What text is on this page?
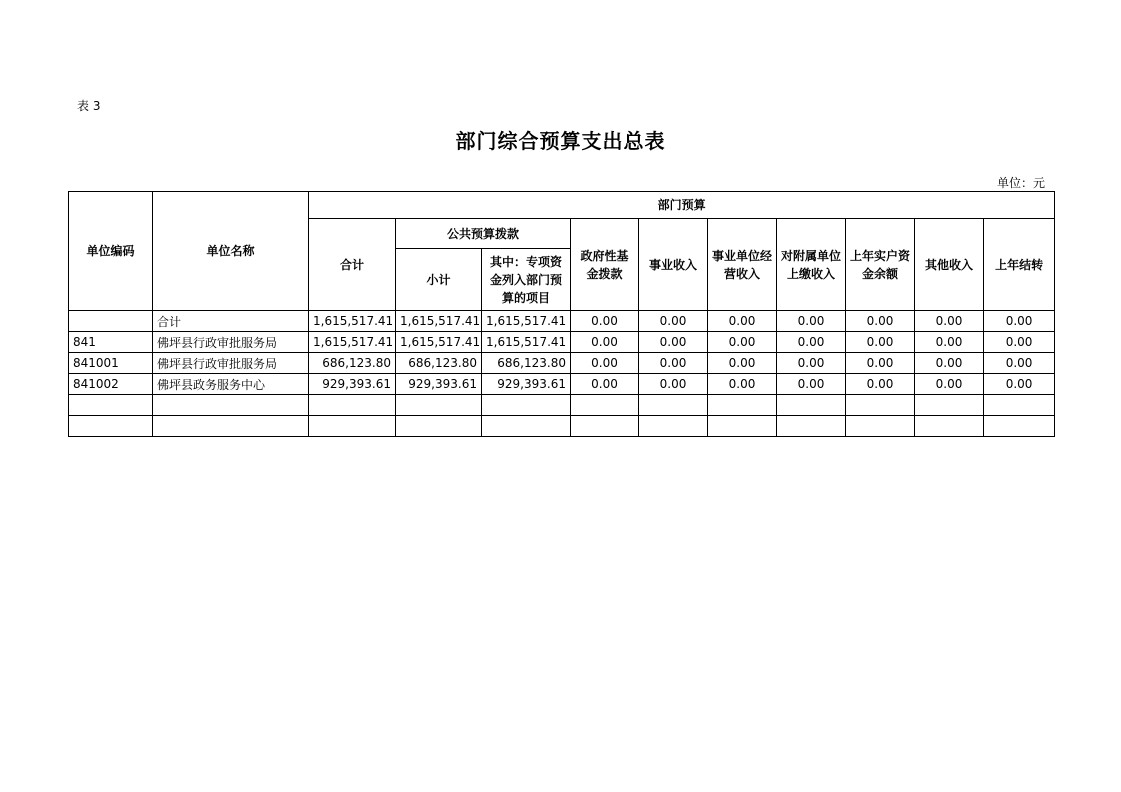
表 3
部门综合预算支出总表
单位：元
单位编码	单位名称	部门预算									
		合计	公共预算拨款		政府性基金拨款	事业收入	事业单位经营收入	对附属单位上缴收入	上年实户资金余额	其他收入	上年结转
			小计	其中：专项资金列入部门预算的项目							
	合计	1,615,517.41	1,615,517.41	1,615,517.41	0.00	0.00	0.00	0.00	0.00	0.00	0.00
841	佛坪县行政审批服务局	1,615,517.41	1,615,517.41	1,615,517.41	0.00	0.00	0.00	0.00	0.00	0.00	0.00
841001	佛坪县行政审批服务局	686,123.80	686,123.80	686,123.80	0.00	0.00	0.00	0.00	0.00	0.00	0.00
841002	佛坪县政务服务中心	929,393.61	929,393.61	929,393.61	0.00	0.00	0.00	0.00	0.00	0.00	0.00
